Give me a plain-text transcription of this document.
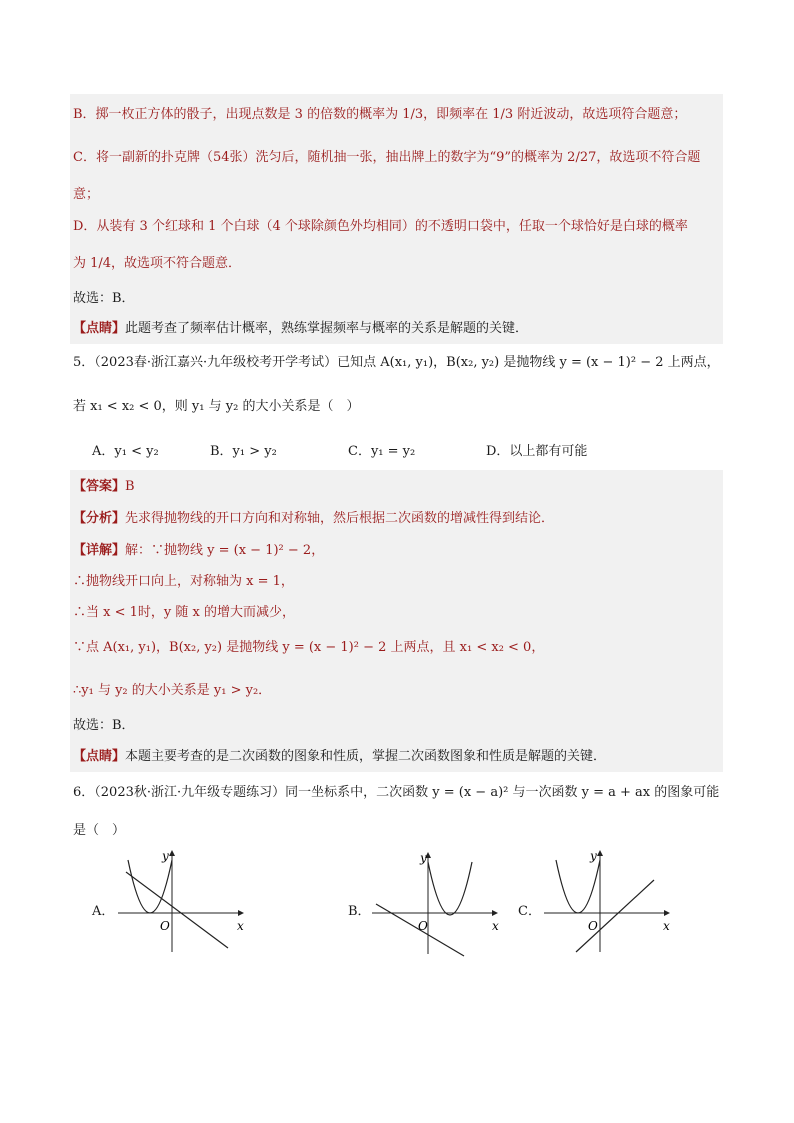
B．掷一枚正方体的骰子，出现点数是 3 的倍数的概率为 1/3，即频率在 1/3 附近波动，故选项符合题意；
C．将一副新的扑克牌（54张）洗匀后，随机抽一张，抽出牌上的数字为“9”的概率为 2/27，故选项不符合题
意；
D．从装有 3 个红球和 1 个白球（4 个球除颜色外均相同）的不透明口袋中，任取一个球恰好是白球的概率
为 1/4，故选项不符合题意．
故选：B．
【点睛】此题考查了频率估计概率，熟练掌握频率与概率的关系是解题的关键．
5．（2023春·浙江嘉兴·九年级校考开学考试）已知点 A(x₁, y₁)，B(x₂, y₂) 是抛物线 y = (x − 1)² − 2 上两点，
若 x₁ < x₂ < 0，则 y₁ 与 y₂ 的大小关系是（　）
A．y₁ < y₂	B．y₁ > y₂	C．y₁ = y₂	D．以上都有可能
【答案】B
【分析】先求得抛物线的开口方向和对称轴，然后根据二次函数的增减性得到结论．
【详解】解：∵抛物线 y = (x − 1)² − 2，
∴抛物线开口向上，对称轴为 x = 1，
∴当 x < 1时，y 随 x 的增大而减少，
∵点 A(x₁, y₁)，B(x₂, y₂) 是抛物线 y = (x − 1)² − 2 上两点，且 x₁ < x₂ < 0，
∴y₁ 与 y₂ 的大小关系是 y₁ > y₂．
故选：B．
【点睛】本题主要考查的是二次函数的图象和性质，掌握二次函数图象和性质是解题的关键．
6．（2023秋·浙江·九年级专题练习）同一坐标系中，二次函数 y = (x − a)² 与一次函数 y = a + ax 的图象可能
是（　）
A．
y
x
O
B．
y
x
O
C．
y
x
O
